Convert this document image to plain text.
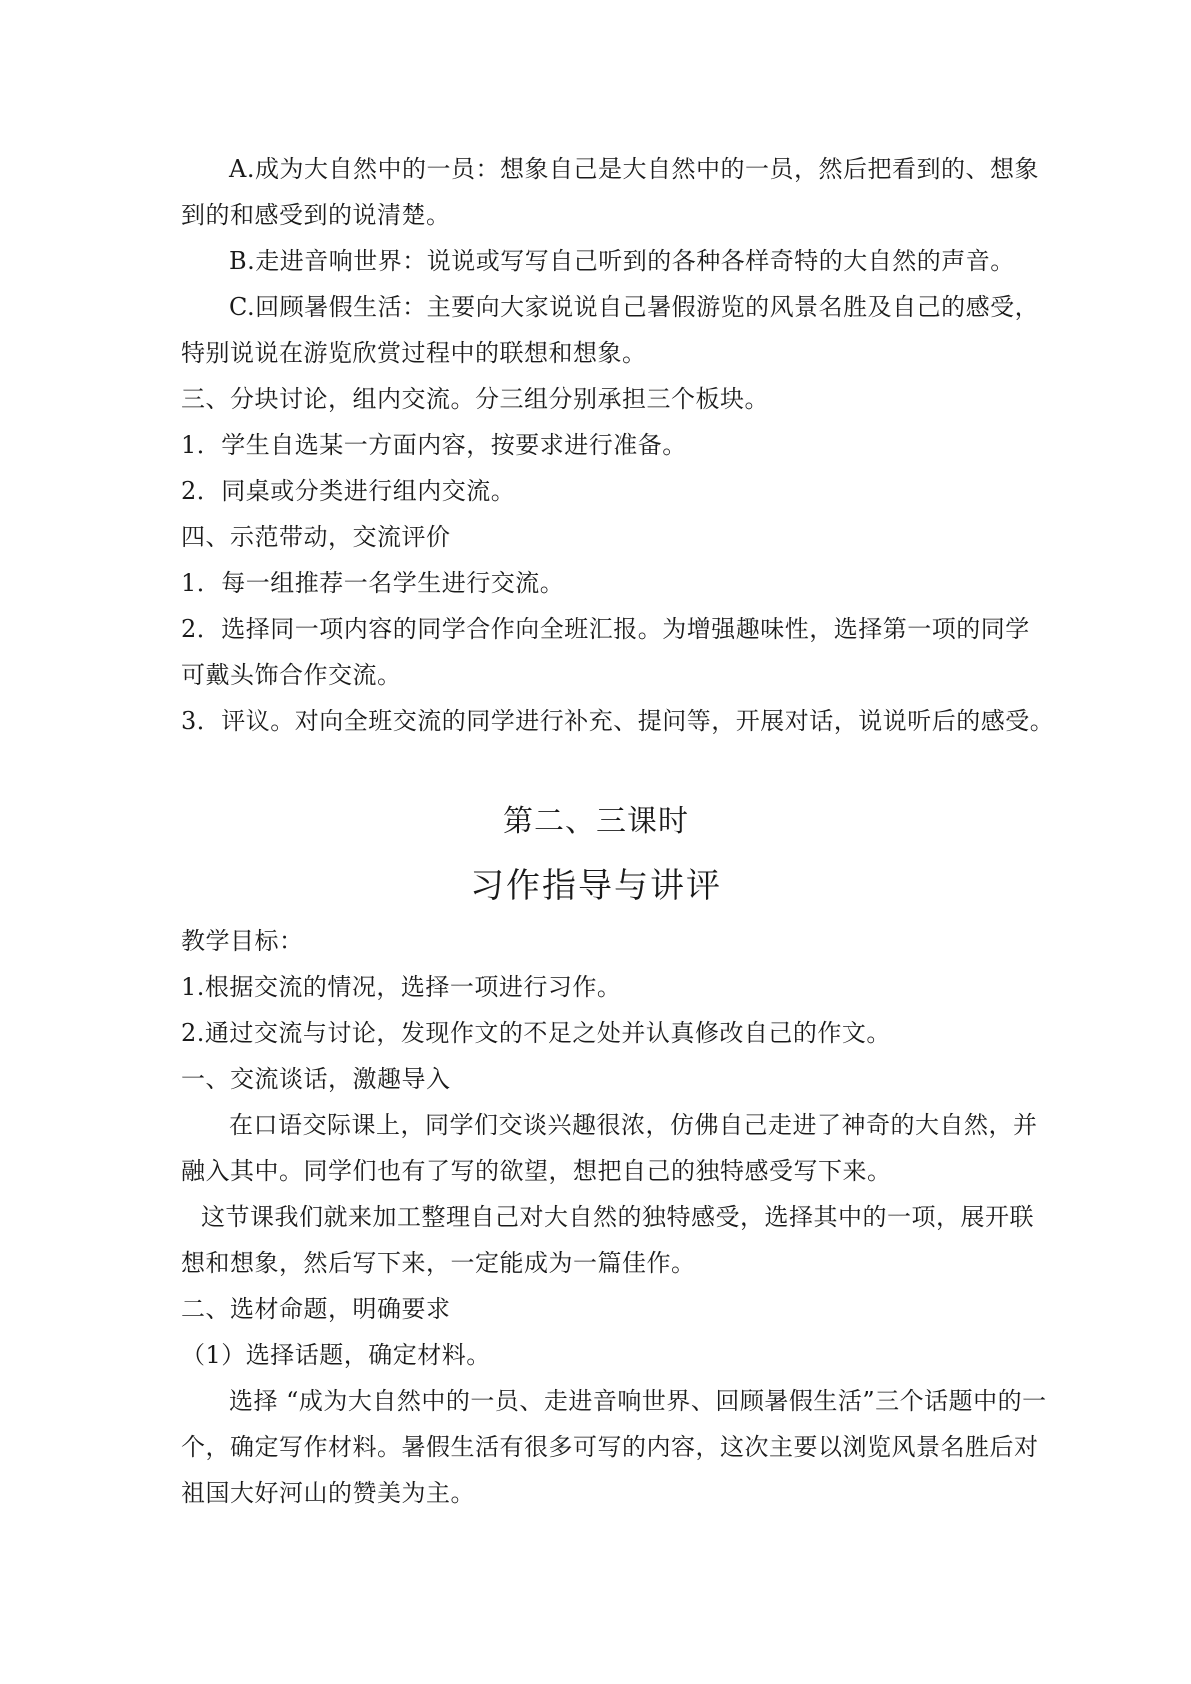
A.成为大自然中的一员：想象自己是大自然中的一员，然后把看到的、想象
到的和感受到的说清楚。
B.走进音响世界：说说或写写自己听到的各种各样奇特的大自然的声音。
C.回顾暑假生活：主要向大家说说自己暑假游览的风景名胜及自己的感受，
特别说说在游览欣赏过程中的联想和想象。
三、分块讨论，组内交流。分三组分别承担三个板块。
1．学生自选某一方面内容，按要求进行准备。
2．同桌或分类进行组内交流。
四、示范带动，交流评价
1．每一组推荐一名学生进行交流。
2．选择同一项内容的同学合作向全班汇报。为增强趣味性，选择第一项的同学
可戴头饰合作交流。
3．评议。对向全班交流的同学进行补充、提问等，开展对话，说说听后的感受。
第二、三课时
习作指导与讲评
教学目标：
1.根据交流的情况，选择一项进行习作。
2.通过交流与讨论，发现作文的不足之处并认真修改自己的作文。
一、交流谈话，激趣导入
在口语交际课上，同学们交谈兴趣很浓，仿佛自己走进了神奇的大自然，并
融入其中。同学们也有了写的欲望，想把自己的独特感受写下来。
这节课我们就来加工整理自己对大自然的独特感受，选择其中的一项，展开联
想和想象，然后写下来，一定能成为一篇佳作。
二、选材命题，明确要求
（1）选择话题，确定材料。
选择 “成为大自然中的一员、走进音响世界、回顾暑假生活”三个话题中的一
个，确定写作材料。暑假生活有很多可写的内容，这次主要以浏览风景名胜后对
祖国大好河山的赞美为主。
